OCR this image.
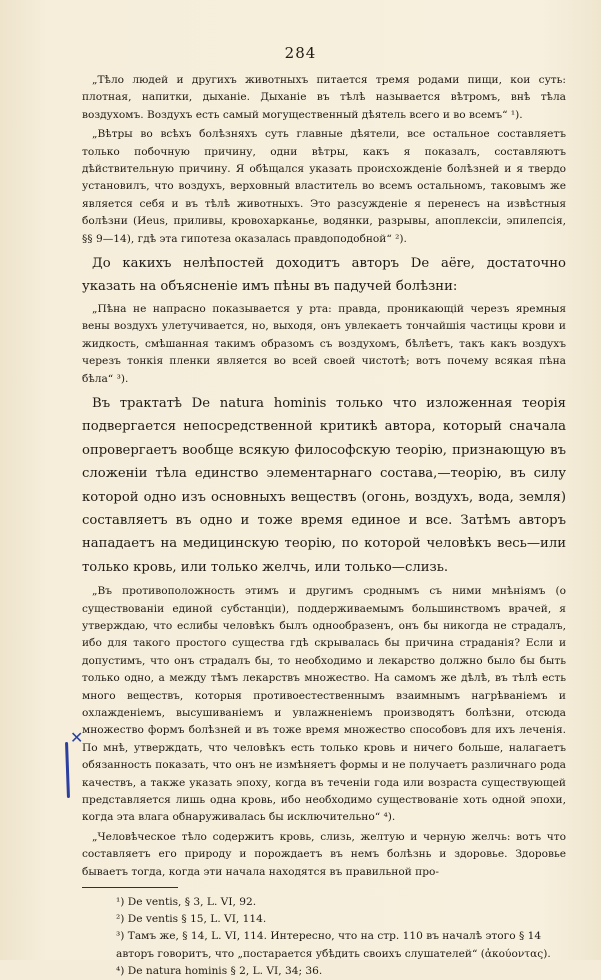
284

„Тѣло людей и другихъ животныхъ питается тремя родами пищи, кои суть: плотная, напитки, дыханіе. Дыханіе въ тѣлѣ называется вѣтромъ, внѣ тѣла воздухомъ. Воздухъ есть самый могущественный дѣятель всего и во всемъ“ ¹).

„Вѣтры во всѣхъ болѣзняхъ суть главные дѣятели, все остальное составляетъ только побочную причину, одни вѣтры, какъ я показалъ, составляютъ дѣйствительную причину. Я обѣщался указать происхожденіе болѣзней и я твердо установилъ, что воздухъ, верховный властитель во всемъ остальномъ, таковымъ же является себя и въ тѣлѣ животныхъ. Это разсужденіе я перенесъ на извѣстныя болѣзни (Иеus, приливы, кровохарканье, водянки, разрывы, апоплексіи, эпилепсія, §§ 9—14), гдѣ эта гипотеза оказалась правдоподобной“ ²).

До какихъ нелѣпостей доходитъ авторъ De aëre, достаточно указать на объясненіе имъ пѣны въ падучей болѣзни:

„Пѣна не напрасно показывается у рта: правда, проникающій черезъ яремныя вены воздухъ улетучивается, но, выходя, онъ увлекаетъ тончайшія частицы крови и жидкость, смѣшанная такимъ образомъ съ воздухомъ, бѣлѣетъ, такъ какъ воздухъ черезъ тонкія пленки является во всей своей чистотѣ; вотъ почему всякая пѣна бѣла“ ³).

Въ трактатѣ De natura hominis только что изложенная теорія подвергается непосредственной критикѣ автора, который сначала опровергаетъ вообще всякую философскую теорію, признающую въ сложеніи тѣла единство элементарнаго состава,—теорію, въ силу которой одно изъ основныхъ веществъ (огонь, воздухъ, вода, земля) составляетъ въ одно и тоже время единое и все. Затѣмъ авторъ нападаетъ на медицинскую теорію, по которой человѣкъ весь—или только кровь, или только желчь, или только—слизь.

„Въ противоположность этимъ и другимъ сроднымъ съ ними мнѣніямъ (о существованіи единой субстанціи), поддерживаемымъ большинствомъ врачей, я утверждаю, что еслибы человѣкъ былъ однообразенъ, онъ бы никогда не страдалъ, ибо для такого простого существа гдѣ скрывалась бы причина страданія? Если и допустимъ, что онъ страдалъ бы, то необходимо и лекарство должно было бы быть только одно, а между тѣмъ лекарствъ множество. На самомъ же дѣлѣ, въ тѣлѣ есть много веществъ, которыя противоестественнымъ взаимнымъ нагрѣваніемъ и охлажденіемъ, высушиваніемъ и увлажненіемъ производятъ болѣзни, отсюда множество формъ болѣзней и въ тоже время множество способовъ для ихъ леченія. По мнѣ, утверждать, что человѣкъ есть только кровь и ничего больше, налагаетъ обязанность показать, что онъ не измѣняетъ формы и не получаетъ различнаго рода качествъ, а также указать эпоху, когда въ теченіи года или возраста существующей представляется лишь одна кровь, ибо необходимо существованіе хоть одной эпохи, когда эта влага обнаруживалась бы исключительно“ ⁴).

„Человѣческое тѣло содержитъ кровь, слизь, желтую и черную желчь: вотъ что составляетъ его природу и порождаетъ въ немъ болѣзнь и здоровье. Здоровье бываетъ тогда, когда эти начала находятся въ правильной про-

¹) De ventis, § 3, L. VI, 92.

²) De ventis § 15, L. VI, 114.

³) Тамъ же, § 14, L. VI, 114. Интересно, что на стр. 110 въ началѣ этого § 14 авторъ говоритъ, что „постарается убѣдить своихъ слушателей“ (ἀκούοντας).

⁴) De natura hominis § 2, L. VI, 34; 36.

✕
